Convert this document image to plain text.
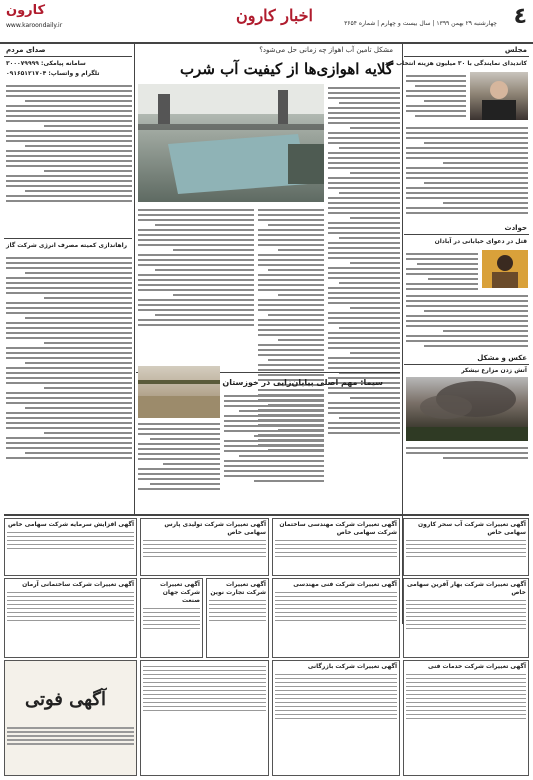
٤
اخبار کارون	چهارشنبه ۲۹ بهمن ۱۳۹۹ | سال بیست و چهارم | شماره ۳۶۵۴
کارون
www.karoondaily.ir
مجلس
کاندیدای نمایندگی با ۳۰ میلیون هزینه انتخاب شد
حوادث
قتل در دعوای خیابانی در آبادان
عکس و مشکل
آتش زدن مزارع نیشکر
مشکل تامین آب اهواز چه زمانی حل می‌شود؟
گلایه اهوازی‌ها از کیفیت آب شرب
سیما: مهم اصلی بیابان‌زایی در خوزستان
صدای مردم
سامانه پیامکی: ۳۰۰۰۷۹۹۹۹
تلگرام و واتساپ: ۰۹۱۶۵۱۲۱۷۰۴
راهاندازی کمیته مصرف انرژی شرکت گاز
آگهی تغییرات شرکت آب سحر کارون سهامی خاص
آگهی تغییرات شرکت مهندسی ساختمان شرکت سهامی خاص
آگهی تغییرات شرکت تولیدی پارس سهامی خاص
آگهی افزایش سرمایه شرکت سهامی خاص
آگهی تغییرات شرکت بهار آفرین سهامی خاص
آگهی تغییرات شرکت فنی مهندسی
آگهی تغییرات شرکت تجارت نوین
آگهی تغییرات شرکت جهان صنعت
آگهی تغییرات شرکت ساختمانی آرمان
آگهی تغییرات شرکت خدمات فنی
آگهی تغییرات شرکت بازرگانی
آگهی فوتی
